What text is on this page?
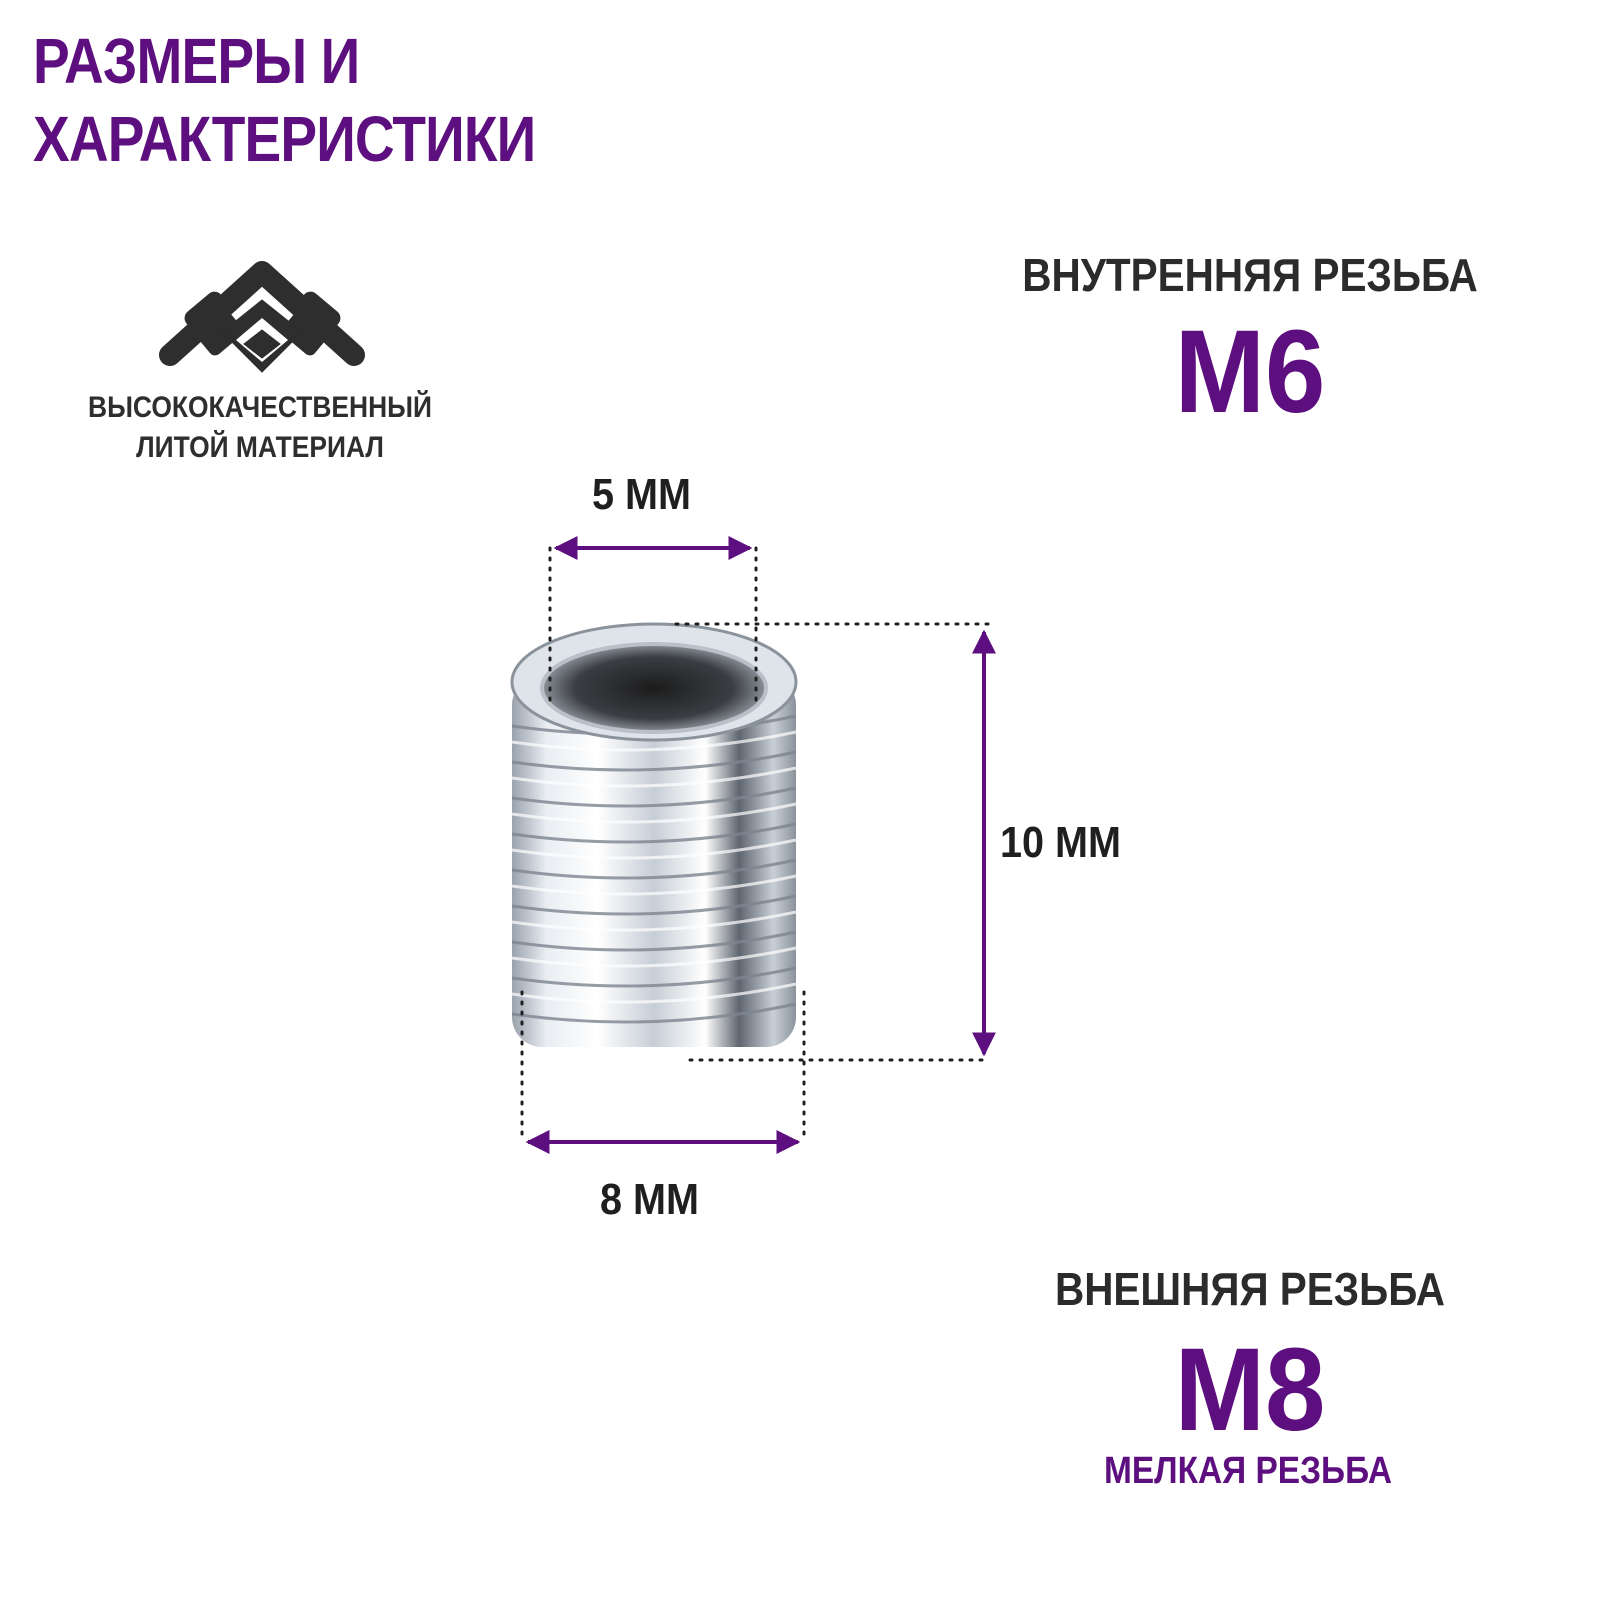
РАЗМЕРЫ И
ХАРАКТЕРИСТИКИ
ВЫСОКОКАЧЕСТВЕННЫЙ
ЛИТОЙ МАТЕРИАЛ
ВНУТРЕННЯЯ РЕЗЬБА
М6
ВНЕШНЯЯ РЕЗЬБА
М8
МЕЛКАЯ РЕЗЬБА
5 ММ
10 ММ
8 ММ
